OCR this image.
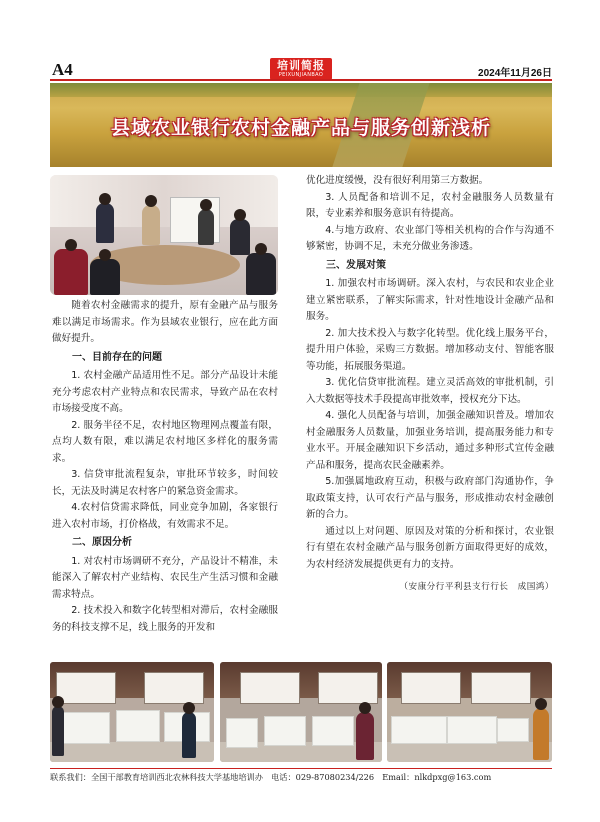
A4	培训简报
PEIXUNJIANBAO	2024年11月26日
县域农业银行农村金融产品与服务创新浅析

随着农村金融需求的提升，原有金融产品与服务难以满足市场需求。作为县域农业银行，应在此方面做好提升。

一、目前存在的问题

1. 农村金融产品适用性不足。部分产品设计未能充分考虑农村产业特点和农民需求，导致产品在农村市场接受度不高。

2. 服务半径不足，农村地区物理网点覆盖有限，点均人数有限，难以满足农村地区多样化的服务需求。

3. 信贷审批流程复杂，审批环节较多，时间较长，无法及时满足农村客户的紧急资金需求。

4.农村信贷需求降低，同业竞争加剧，各家银行进入农村市场，打价格战，有效需求不足。

二、原因分析

1. 对农村市场调研不充分，产品设计不精准，未能深入了解农村产业结构、农民生产生活习惯和金融需求特点。

2. 技术投入和数字化转型相对滞后，农村金融服务的科技支撑不足，线上服务的开发和

优化进度缓慢，没有很好利用第三方数据。

3. 人员配备和培训不足，农村金融服务人员数量有限，专业素养和服务意识有待提高。

4.与地方政府、农业部门等相关机构的合作与沟通不够紧密，协调不足，未充分做业务渗透。

三、发展对策

1. 加强农村市场调研。深入农村，与农民和农业企业建立紧密联系，了解实际需求，针对性地设计金融产品和服务。

2. 加大技术投入与数字化转型。优化线上服务平台，提升用户体验，采购三方数据。增加移动支付、智能客服等功能，拓展服务渠道。

3. 优化信贷审批流程。建立灵活高效的审批机制，引入大数据等技术手段提高审批效率，授权充分下达。

4. 强化人员配备与培训，加强金融知识普及。增加农村金融服务人员数量，加强业务培训，提高服务能力和专业水平。开展金融知识下乡活动，通过多种形式宣传金融产品和服务，提高农民金融素养。

5.加强属地政府互动，积极与政府部门沟通协作，争取政策支持，认可农行产品与服务，形成推动农村金融创新的合力。

通过以上对问题、原因及对策的分析和探讨，农业银行有望在农村金融产品与服务创新方面取得更好的成效，为农村经济发展提供更有力的支持。

（安康分行平利县支行行长　成国鸿）

联系我们：全国干部教育培训西北农林科技大学基地培训办　电话：029-87080234/226　Email：nlkdpxg@163.com
